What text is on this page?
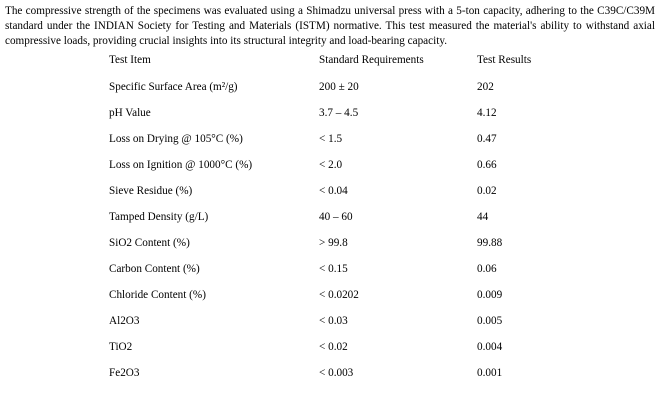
The compressive strength of the specimens was evaluated using a Shimadzu universal press with a 5-ton capacity, adhering to the C39C/C39M standard under the INDIAN Society for Testing and Materials (ISTM) normative. This test measured the material's ability to withstand axial compressive loads, providing crucial insights into its structural integrity and load-bearing capacity.

Test Item	Standard Requirements	Test Results
Specific Surface Area (m²/g)	200 ± 20	202
pH Value	3.7 – 4.5	4.12
Loss on Drying @ 105°C (%)	< 1.5	0.47
Loss on Ignition @ 1000°C (%)	< 2.0	0.66
Sieve Residue (%)	< 0.04	0.02
Tamped Density (g/L)	40 – 60	44
SiO2 Content (%)	> 99.8	99.88
Carbon Content (%)	< 0.15	0.06
Chloride Content (%)	< 0.0202	0.009
Al2O3	< 0.03	0.005
TiO2	< 0.02	0.004
Fe2O3	< 0.003	0.001
